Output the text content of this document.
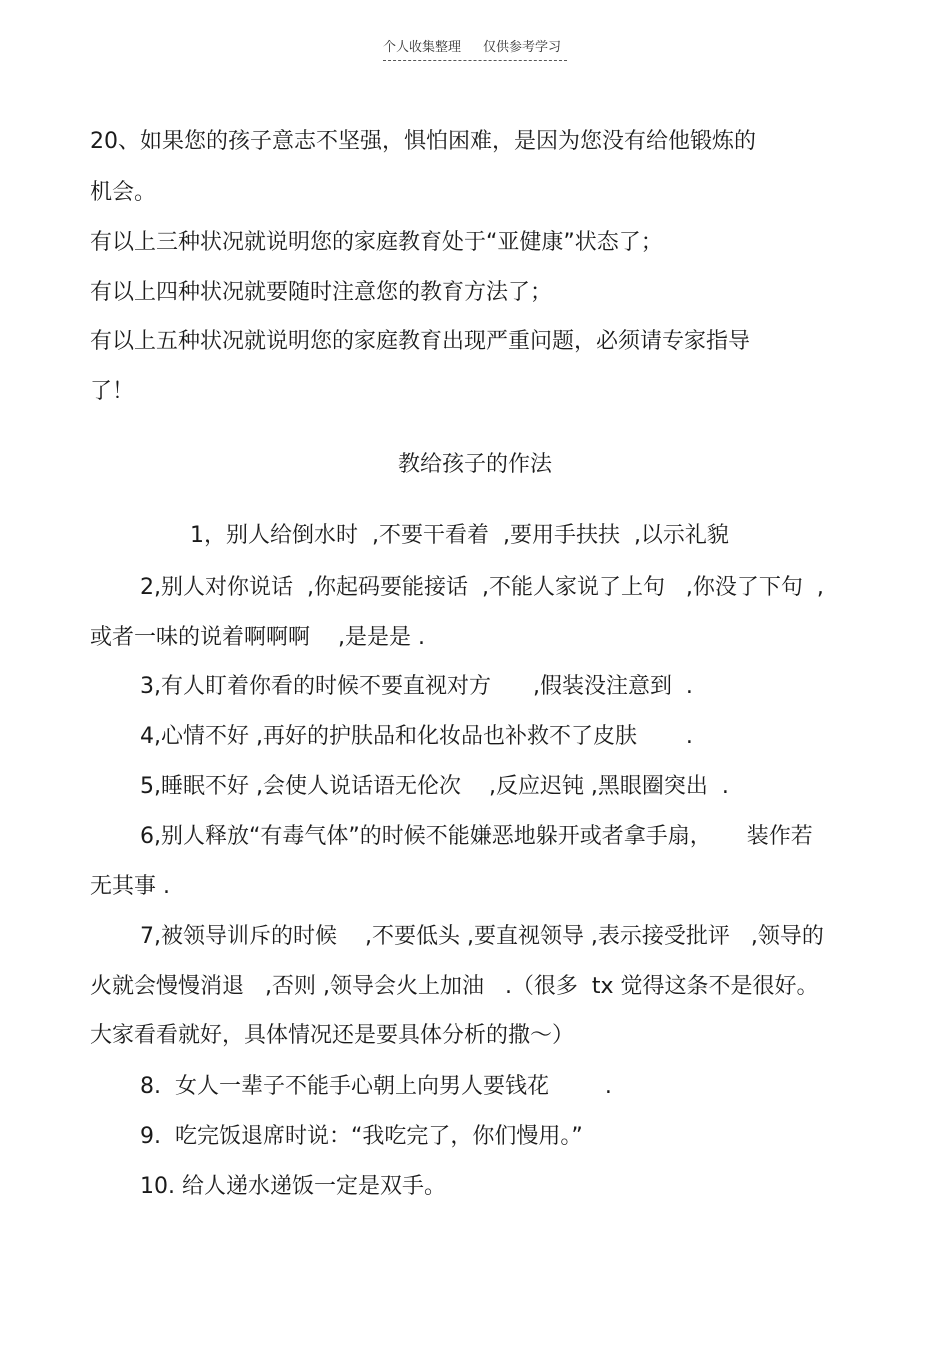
个人收集整理 仅供参考学习
20、如果您的孩子意志不坚强，惧怕困难，是因为您没有给他锻炼的
机会。
有以上三种状况就说明您的家庭教育处于“亚健康”状态了；
有以上四种状况就要随时注意您的教育方法了；
有以上五种状况就说明您的家庭教育出现严重问题，必须请专家指导
了！
教给孩子的作法
1，别人给倒水时  ,不要干看着  ,要用手扶扶  ,以示礼貌
2,别人对你说话  ,你起码要能接话  ,不能人家说了上句   ,你没了下句  ,
或者一味的说着啊啊啊    ,是是是 .
3,有人盯着你看的时候不要直视对方      ,假装没注意到  .
4,心情不好 ,再好的护肤品和化妆品也补救不了皮肤       .
5,睡眠不好 ,会使人说话语无伦次    ,反应迟钝 ,黑眼圈突出  .
6,别人释放“有毒气体”的时候不能嫌恶地躲开或者拿手扇，     装作若
无其事 .
7,被领导训斥的时候    ,不要低头 ,要直视领导 ,表示接受批评   ,领导的
火就会慢慢消退   ,否则 ,领导会火上加油   .（很多  tx 觉得这条不是很好。
大家看看就好，具体情况还是要具体分析的撒～）
8.  女人一辈子不能手心朝上向男人要钱花        .
9.  吃完饭退席时说：“我吃完了，你们慢用。”
10. 给人递水递饭一定是双手。
